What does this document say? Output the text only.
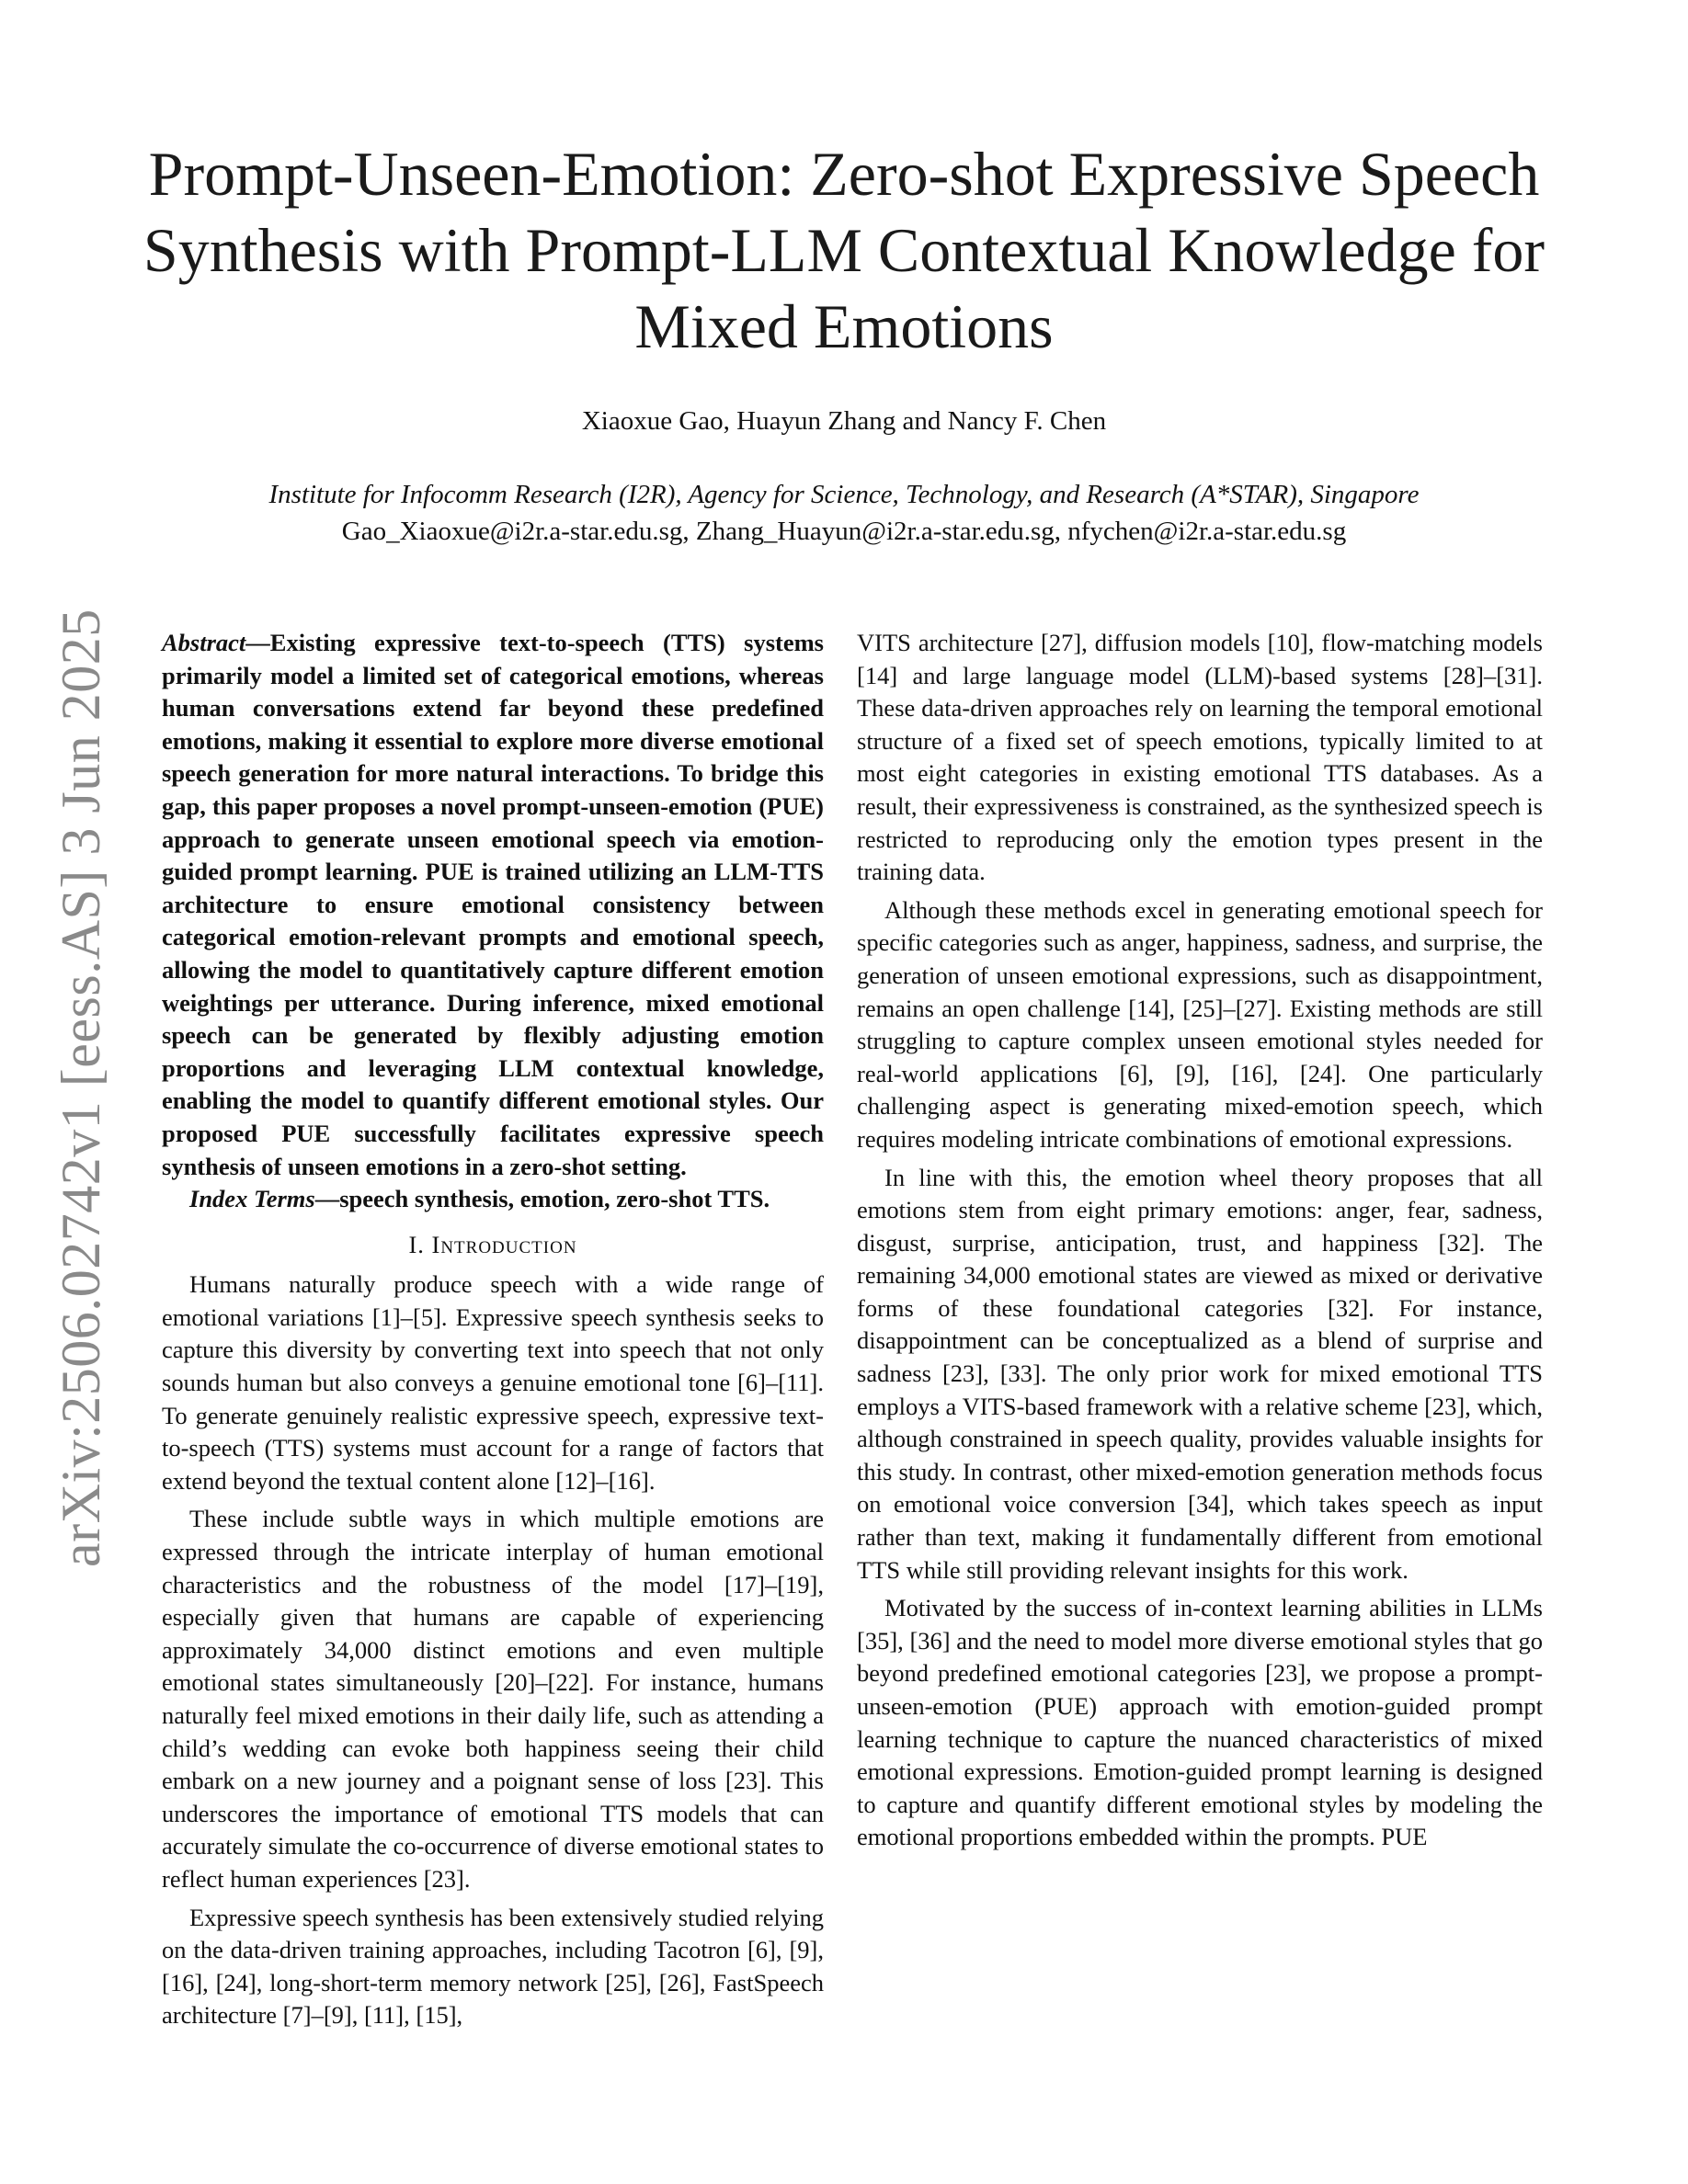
Prompt-Unseen-Emotion: Zero-shot Expressive Speech Synthesis with Prompt-LLM Contextual Knowledge for Mixed Emotions
Xiaoxue Gao, Huayun Zhang and Nancy F. Chen
Institute for Infocomm Research (I2R), Agency for Science, Technology, and Research (A*STAR), Singapore
Gao_Xiaoxue@i2r.a-star.edu.sg, Zhang_Huayun@i2r.a-star.edu.sg, nfychen@i2r.a-star.edu.sg
arXiv:2506.02742v1 [eess.AS] 3 Jun 2025 Abstract—Existing expressive text-to-speech (TTS) systems primarily model a limited set of categorical emotions, whereas human conversations extend far beyond these predefined emotions, making it essential to explore more diverse emotional speech generation for more natural interactions. To bridge this gap, this paper proposes a novel prompt-unseen-emotion (PUE) approach to generate unseen emotional speech via emotion-guided prompt learning. PUE is trained utilizing an LLM-TTS architecture to ensure emotional consistency between categorical emotion-relevant prompts and emotional speech, allowing the model to quantitatively capture different emotion weightings per utterance. During inference, mixed emotional speech can be generated by flexibly adjusting emotion proportions and leveraging LLM contextual knowledge, enabling the model to quantify different emotional styles. Our proposed PUE successfully facilitates expressive speech synthesis of unseen emotions in a zero-shot setting.

Index Terms—speech synthesis, emotion, zero-shot TTS.

I. Introduction

Humans naturally produce speech with a wide range of emotional variations [1]–[5]. Expressive speech synthesis seeks to capture this diversity by converting text into speech that not only sounds human but also conveys a genuine emotional tone [6]–[11]. To generate genuinely realistic expressive speech, expressive text-to-speech (TTS) systems must account for a range of factors that extend beyond the textual content alone [12]–[16].

These include subtle ways in which multiple emotions are expressed through the intricate interplay of human emotional characteristics and the robustness of the model [17]–[19], especially given that humans are capable of experiencing approximately 34,000 distinct emotions and even multiple emotional states simultaneously [20]–[22]. For instance, humans naturally feel mixed emotions in their daily life, such as attending a child’s wedding can evoke both happiness seeing their child embark on a new journey and a poignant sense of loss [23]. This underscores the importance of emotional TTS models that can accurately simulate the co-occurrence of diverse emotional states to reflect human experiences [23].

Expressive speech synthesis has been extensively studied relying on the data-driven training approaches, including Tacotron [6], [9], [16], [24], long-short-term memory network [25], [26], FastSpeech architecture [7]–[9], [11], [15],

VITS architecture [27], diffusion models [10], flow-matching models [14] and large language model (LLM)-based systems [28]–[31]. These data-driven approaches rely on learning the temporal emotional structure of a fixed set of speech emotions, typically limited to at most eight categories in existing emotional TTS databases. As a result, their expressiveness is constrained, as the synthesized speech is restricted to reproducing only the emotion types present in the training data.

Although these methods excel in generating emotional speech for specific categories such as anger, happiness, sadness, and surprise, the generation of unseen emotional expressions, such as disappointment, remains an open challenge [14], [25]–[27]. Existing methods are still struggling to capture complex unseen emotional styles needed for real-world applications [6], [9], [16], [24]. One particularly challenging aspect is generating mixed-emotion speech, which requires modeling intricate combinations of emotional expressions.

In line with this, the emotion wheel theory proposes that all emotions stem from eight primary emotions: anger, fear, sadness, disgust, surprise, anticipation, trust, and happiness [32]. The remaining 34,000 emotional states are viewed as mixed or derivative forms of these foundational categories [32]. For instance, disappointment can be conceptualized as a blend of surprise and sadness [23], [33]. The only prior work for mixed emotional TTS employs a VITS-based framework with a relative scheme [23], which, although constrained in speech quality, provides valuable insights for this study. In contrast, other mixed-emotion generation methods focus on emotional voice conversion [34], which takes speech as input rather than text, making it fundamentally different from emotional TTS while still providing relevant insights for this work.

Motivated by the success of in-context learning abilities in LLMs [35], [36] and the need to model more diverse emotional styles that go beyond predefined emotional categories [23], we propose a prompt-unseen-emotion (PUE) approach with emotion-guided prompt learning technique to capture the nuanced characteristics of mixed emotional expressions. Emotion-guided prompt learning is designed to capture and quantify different emotional styles by modeling the emotional proportions embedded within the prompts. PUE
